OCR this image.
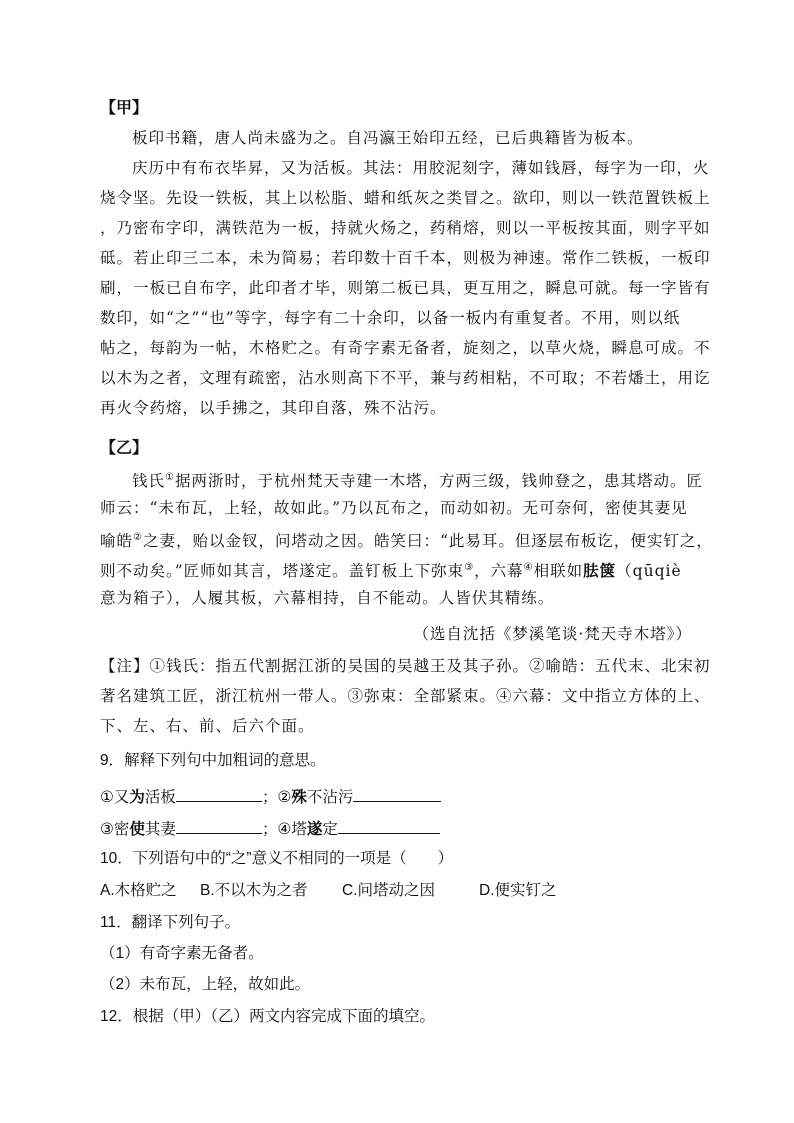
【甲】
板印书籍，唐人尚未盛为之。自冯瀛王始印五经，已后典籍皆为板本。
庆历中有布衣毕昇，又为活板。其法：用胶泥刻字，薄如钱唇，每字为一印，火
烧令坚。先设一铁板，其上以松脂、蜡和纸灰之类冒之。欲印，则以一铁范置铁板上
，乃密布字印，满铁范为一板，持就火炀之，药稍熔，则以一平板按其面，则字平如
砥。若止印三二本，未为简易；若印数十百千本，则极为神速。常作二铁板，一板印
刷，一板已自布字，此印者才毕，则第二板已具，更互用之，瞬息可就。每一字皆有
数印，如“之”“也”等字，每字有二十余印，以备一板内有重复者。不用，则以纸
帖之，每韵为一帖，木格贮之。有奇字素无备者，旋刻之，以草火烧，瞬息可成。不
以木为之者，文理有疏密，沾水则高下不平，兼与药相粘，不可取；不若燔土，用讫
再火令药熔，以手拂之，其印自落，殊不沾污。
【乙】
钱氏①据两浙时，于杭州梵天寺建一木塔，方两三级，钱帅登之，患其塔动。匠
师云：“未布瓦，上轻，故如此。”乃以瓦布之，而动如初。无可奈何，密使其妻见
喻皓②之妻，贻以金钗，问塔动之因。皓笑曰：“此易耳。但逐层布板讫，便实钉之，
则不动矣。”匠师如其言，塔遂定。盖钉板上下弥束③，六幕④相联如胠箧（qūqiè
意为箱子），人履其板，六幕相持，自不能动。人皆伏其精练。
（选自沈括《梦溪笔谈·梵天寺木塔》）
【注】①钱氏：指五代割据江浙的吴国的吴越王及其子孙。②喻皓：五代末、北宋初
著名建筑工匠，浙江杭州一带人。③弥束：全部紧束。④六幕：文中指立方体的上、
下、左、右、前、后六个面。
9．解释下列句中加粗词的意思。
①又为活板	；②殊不沾污
③密使其妻	；④塔遂定
10．下列语句中的“之”意义不相同的一项是（　　）
A.木格贮之 B.不以木为之者 C.问塔动之因	D.便实钉之
11．翻译下列句子。
（1）有奇字素无备者。
（2）未布瓦，上轻，故如此。
12．根据（甲）（乙）两文内容完成下面的填空。
